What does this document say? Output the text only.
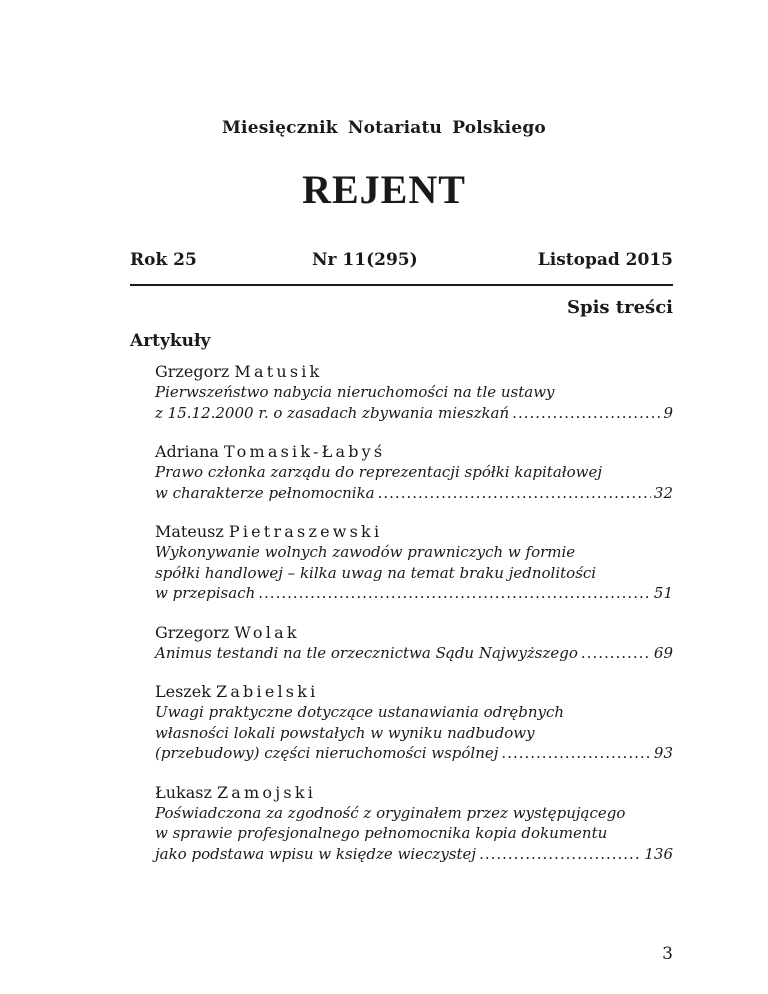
Miesięcznik Notariatu Polskiego
REJENT
Rok 25	Nr 11(295)	Listopad 2015
Spis treści
Artykuły
Grzegorz Matusik
Pierwszeństwo nabycia nieruchomości na tle ustawy
z 15.12.2000 r. o zasadach zbywania mieszkań .....	9
Adriana Tomasik-Łabyś
Prawo członka zarządu do reprezentacji spółki kapitałowej
w charakterze pełnomocnika .....	32
Mateusz Pietraszewski
Wykonywanie wolnych zawodów prawniczych w formie
spółki handlowej – kilka uwag na temat braku jednolitości
w przepisach .....	51
Grzegorz Wolak
Animus testandi na tle orzecznictwa Sądu Najwyższego .....	69
Leszek Zabielski
Uwagi praktyczne dotyczące ustanawiania odrębnych
własności lokali powstałych w wyniku nadbudowy
(przebudowy) części nieruchomości wspólnej .....	93
Łukasz Zamojski
Poświadczona za zgodność z oryginałem przez występującego
w sprawie profesjonalnego pełnomocnika kopia dokumentu
jako podstawa wpisu w księdze wieczystej .....	136
3
